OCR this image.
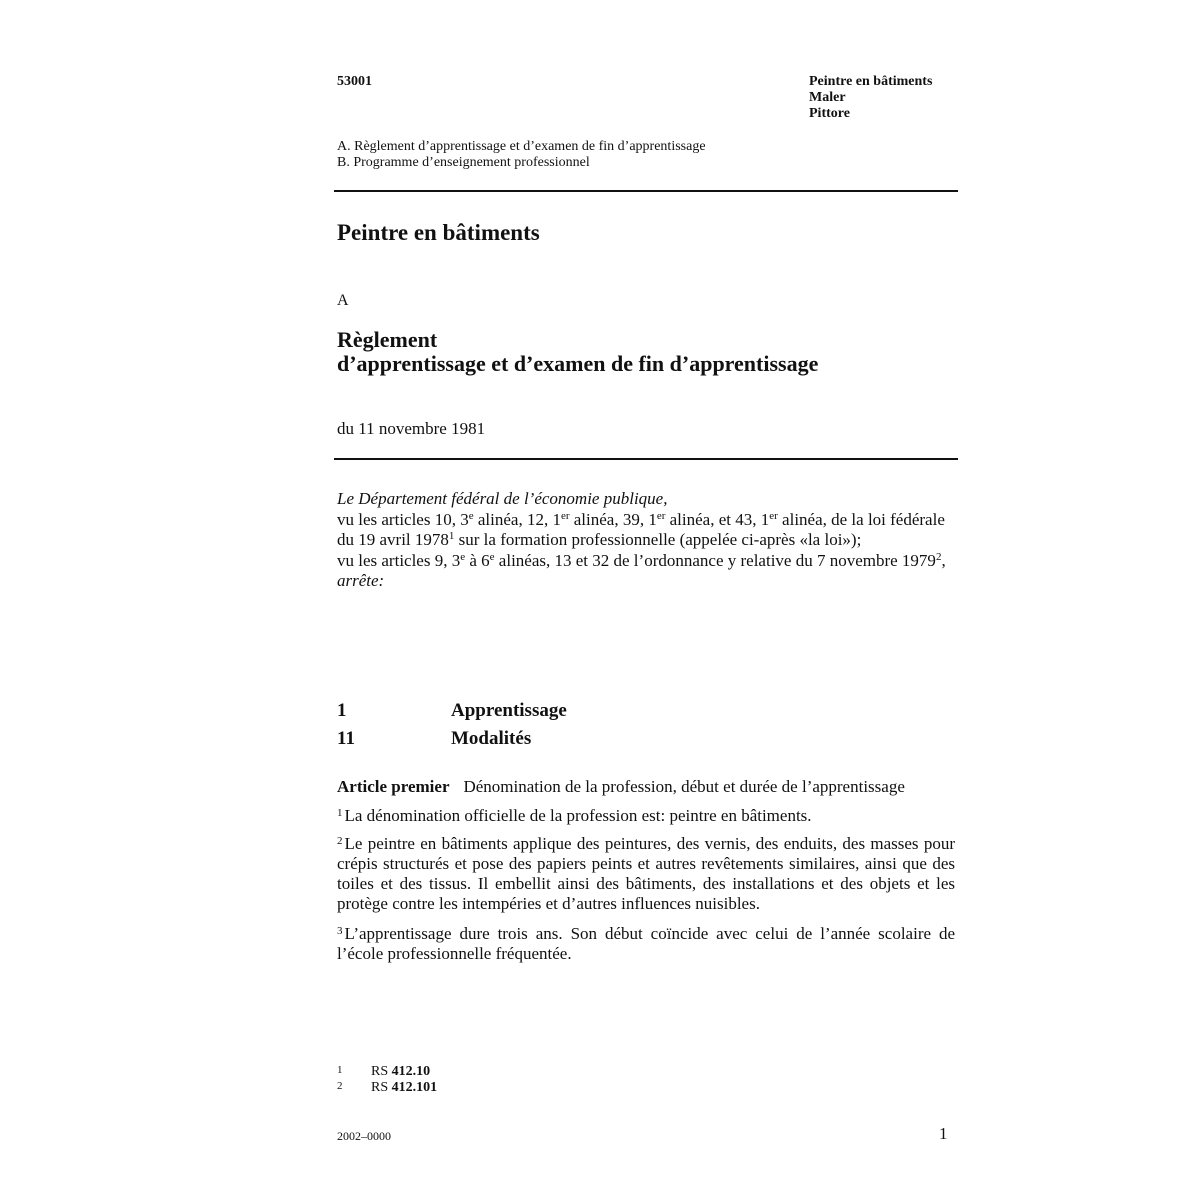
53001	Peintre en bâtiments
Maler
Pittore
A. Règlement d’apprentissage et d’examen de fin d’apprentissage
B. Programme d’enseignement professionnel
Peintre en bâtiments
A
Règlement
d’apprentissage et d’examen de fin d’apprentissage
du 11 novembre 1981
Le Département fédéral de l’économie publique,
vu les articles 10, 3e alinéa, 12, 1er alinéa, 39, 1er alinéa, et 43, 1er alinéa, de la loi fédérale du 19 avril 1978$^1$ sur la formation professionnelle (appelée ci-après «la loi»);
vu les articles 9, 3e à 6e alinéas, 13 et 32 de l’ordonnance y relative du 7 novembre 1979$^2$,
arrête:
1	Apprentissage
11	Modalités
Article premier Dénomination de la profession, début et durée de l’apprentissage
$^1$ La dénomination officielle de la profession est: peintre en bâtiments.
$^2$ Le peintre en bâtiments applique des peintures, des vernis, des enduits, des masses pour crépis structurés et pose des papiers peints et autres revêtements similaires, ainsi que des toiles et des tissus. Il embellit ainsi des bâtiments, des installations et des objets et les protège contre les intempéries et d’autres influences nuisibles.
$^3$ L’apprentissage dure trois ans. Son début coïncide avec celui de l’année scolaire de l’école professionnelle fréquentée.
1 RS 412.10
2 RS 412.101
2002–0000	1
